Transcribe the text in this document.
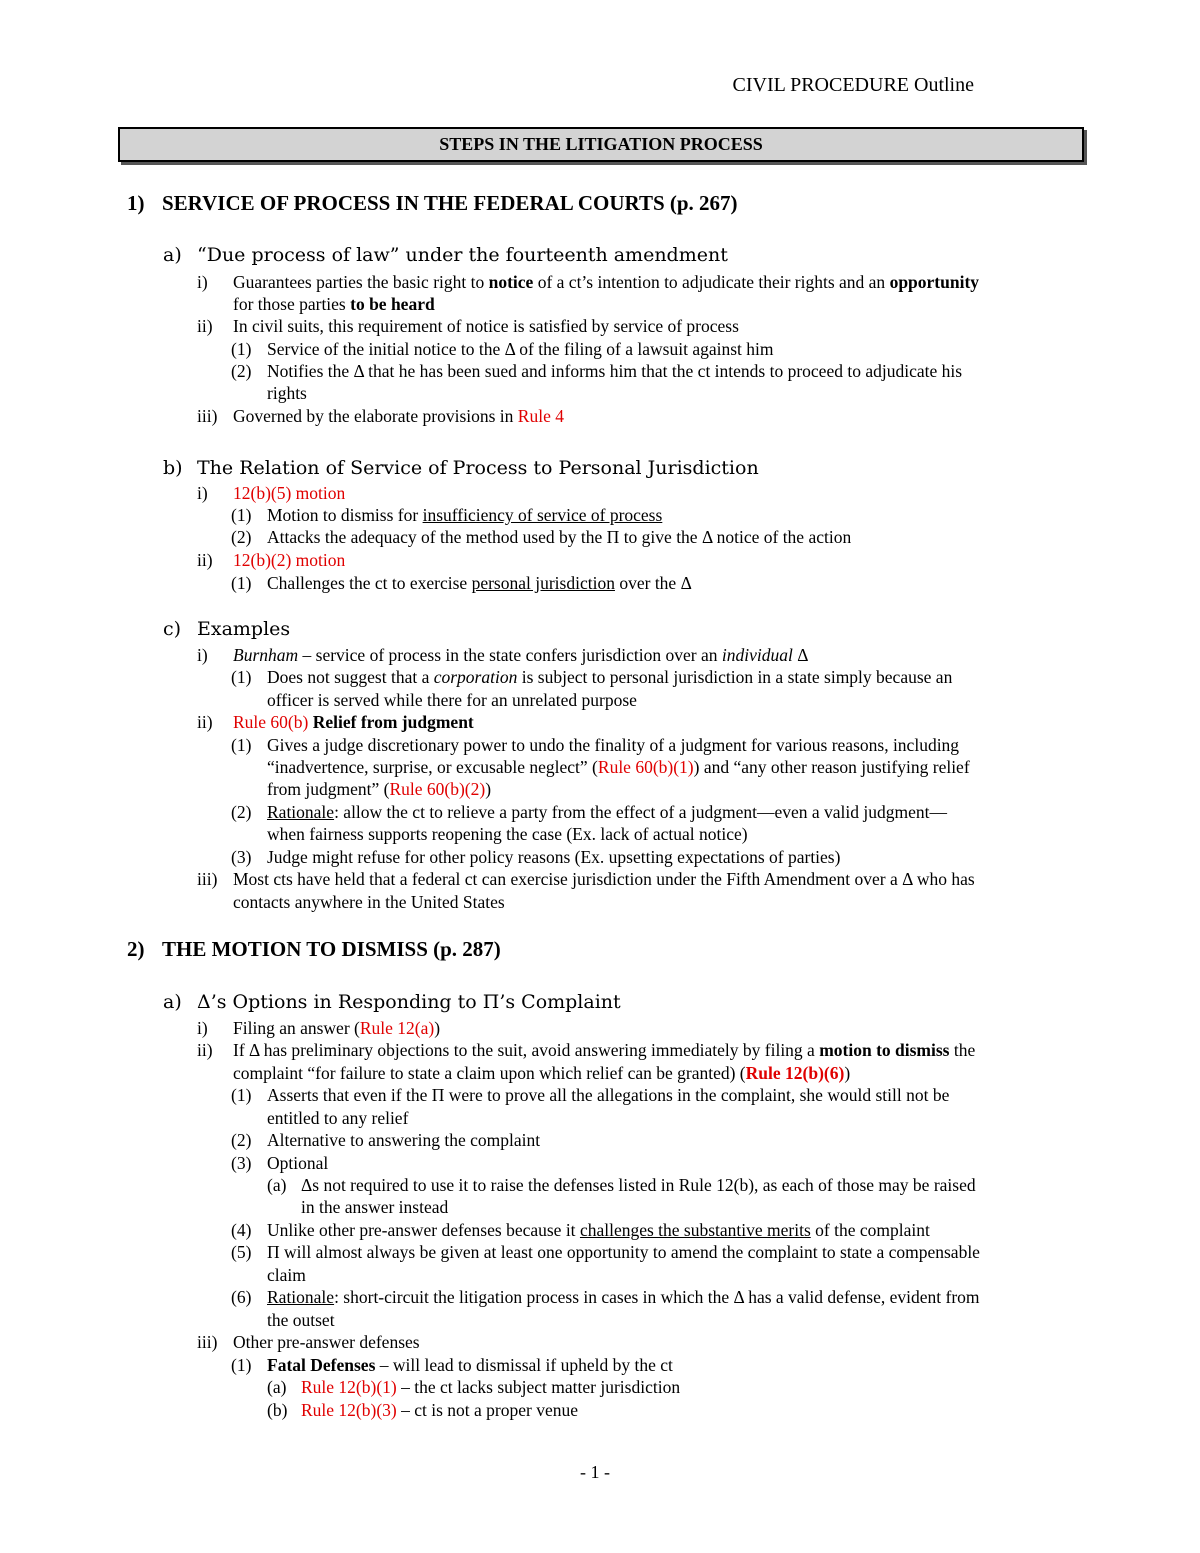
CIVIL PROCEDURE Outline
STEPS IN THE LITIGATION PROCESS
1) SERVICE OF PROCESS IN THE FEDERAL COURTS (p. 267)
a) “Due process of law” under the fourteenth amendment
i) Guarantees parties the basic right to notice of a ct’s intention to adjudicate their rights and an opportunity
for those parties to be heard
ii) In civil suits, this requirement of notice is satisfied by service of process
(1) Service of the initial notice to the Δ of the filing of a lawsuit against him
(2) Notifies the Δ that he has been sued and informs him that the ct intends to proceed to adjudicate his
rights
iii) Governed by the elaborate provisions in Rule 4
b) The Relation of Service of Process to Personal Jurisdiction
i) 12(b)(5) motion
(1) Motion to dismiss for insufficiency of service of process
(2) Attacks the adequacy of the method used by the Π to give the Δ notice of the action
ii) 12(b)(2) motion
(1) Challenges the ct to exercise personal jurisdiction over the Δ
c) Examples
i) Burnham – service of process in the state confers jurisdiction over an individual Δ
(1) Does not suggest that a corporation is subject to personal jurisdiction in a state simply because an
officer is served while there for an unrelated purpose
ii) Rule 60(b) Relief from judgment
(1) Gives a judge discretionary power to undo the finality of a judgment for various reasons, including
“inadvertence, surprise, or excusable neglect” (Rule 60(b)(1)) and “any other reason justifying relief
from judgment” (Rule 60(b)(2))
(2) Rationale: allow the ct to relieve a party from the effect of a judgment—even a valid judgment—
when fairness supports reopening the case (Ex. lack of actual notice)
(3) Judge might refuse for other policy reasons (Ex. upsetting expectations of parties)
iii) Most cts have held that a federal ct can exercise jurisdiction under the Fifth Amendment over a Δ who has
contacts anywhere in the United States
2) THE MOTION TO DISMISS (p. 287)
a) Δ’s Options in Responding to Π’s Complaint
i) Filing an answer (Rule 12(a))
ii) If Δ has preliminary objections to the suit, avoid answering immediately by filing a motion to dismiss the
complaint “for failure to state a claim upon which relief can be granted) (Rule 12(b)(6))
(1) Asserts that even if the Π were to prove all the allegations in the complaint, she would still not be
entitled to any relief
(2) Alternative to answering the complaint
(3) Optional
(a) Δs not required to use it to raise the defenses listed in Rule 12(b), as each of those may be raised
in the answer instead
(4) Unlike other pre-answer defenses because it challenges the substantive merits of the complaint
(5) Π will almost always be given at least one opportunity to amend the complaint to state a compensable
claim
(6) Rationale: short-circuit the litigation process in cases in which the Δ has a valid defense, evident from
the outset
iii) Other pre-answer defenses
(1) Fatal Defenses – will lead to dismissal if upheld by the ct
(a) Rule 12(b)(1) – the ct lacks subject matter jurisdiction
(b) Rule 12(b)(3) – ct is not a proper venue
- 1 -
